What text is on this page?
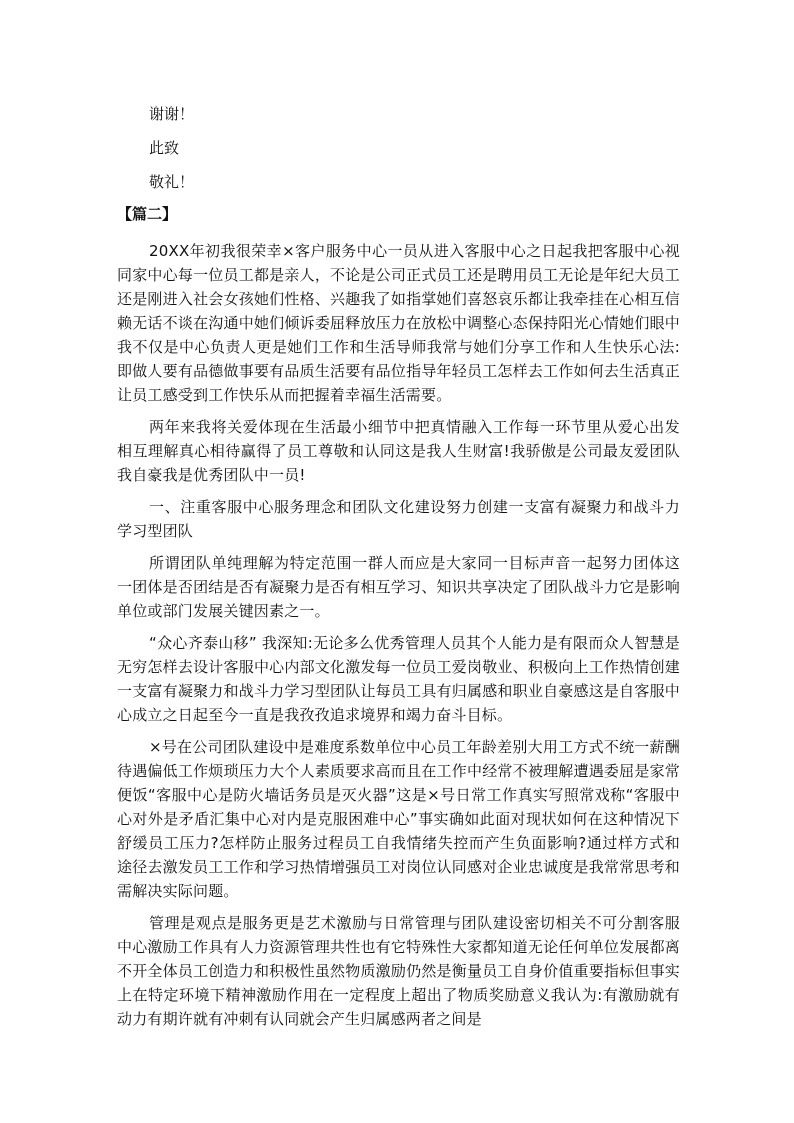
谢谢！

此致

敬礼！

【篇二】

20XX年初我很荣幸×客户服务中心一员从进入客服中心之日起我把客服中心视同家中心每一位员工都是亲人，不论是公司正式员工还是聘用员工无论是年纪大员工还是刚进入社会女孩她们性格、兴趣我了如指掌她们喜怒哀乐都让我牵挂在心相互信赖无话不谈在沟通中她们倾诉委屈释放压力在放松中调整心态保持阳光心情她们眼中我不仅是中心负责人更是她们工作和生活导师我常与她们分享工作和人生快乐心法:即做人要有品德做事要有品质生活要有品位指导年轻员工怎样去工作如何去生活真正让员工感受到工作快乐从而把握着幸福生活需要。

两年来我将关爱体现在生活最小细节中把真情融入工作每一环节里从爱心出发相互理解真心相待赢得了员工尊敬和认同这是我人生财富!我骄傲是公司最友爱团队我自豪我是优秀团队中一员!

一、注重客服中心服务理念和团队文化建设努力创建一支富有凝聚力和战斗力学习型团队

所谓团队单纯理解为特定范围一群人而应是大家同一目标声音一起努力团体这一团体是否团结是否有凝聚力是否有相互学习、知识共享决定了团队战斗力它是影响单位或部门发展关键因素之一。

“众心齐泰山移” 我深知:无论多么优秀管理人员其个人能力是有限而众人智慧是无穷怎样去设计客服中心内部文化激发每一位员工爱岗敬业、积极向上工作热情创建一支富有凝聚力和战斗力学习型团队让每员工具有归属感和职业自豪感这是自客服中心成立之日起至今一直是我孜孜追求境界和竭力奋斗目标。

×号在公司团队建设中是难度系数单位中心员工年龄差别大用工方式不统一薪酬待遇偏低工作烦琐压力大个人素质要求高而且在工作中经常不被理解遭遇委屈是家常便饭“客服中心是防火墙话务员是灭火器”这是×号日常工作真实写照常戏称“客服中心对外是矛盾汇集中心对内是克服困难中心”事实确如此面对现状如何在这种情况下舒缓员工压力?怎样防止服务过程员工自我情绪失控而产生负面影响?通过样方式和途径去激发员工工作和学习热情增强员工对岗位认同感对企业忠诚度是我常常思考和需解决实际问题。

管理是观点是服务更是艺术激励与日常管理与团队建设密切相关不可分割客服中心激励工作具有人力资源管理共性也有它特殊性大家都知道无论任何单位发展都离不开全体员工创造力和积极性虽然物质激励仍然是衡量员工自身价值重要指标但事实上在特定环境下精神激励作用在一定程度上超出了物质奖励意义我认为:有激励就有动力有期许就有冲刺有认同就会产生归属感两者之间是
